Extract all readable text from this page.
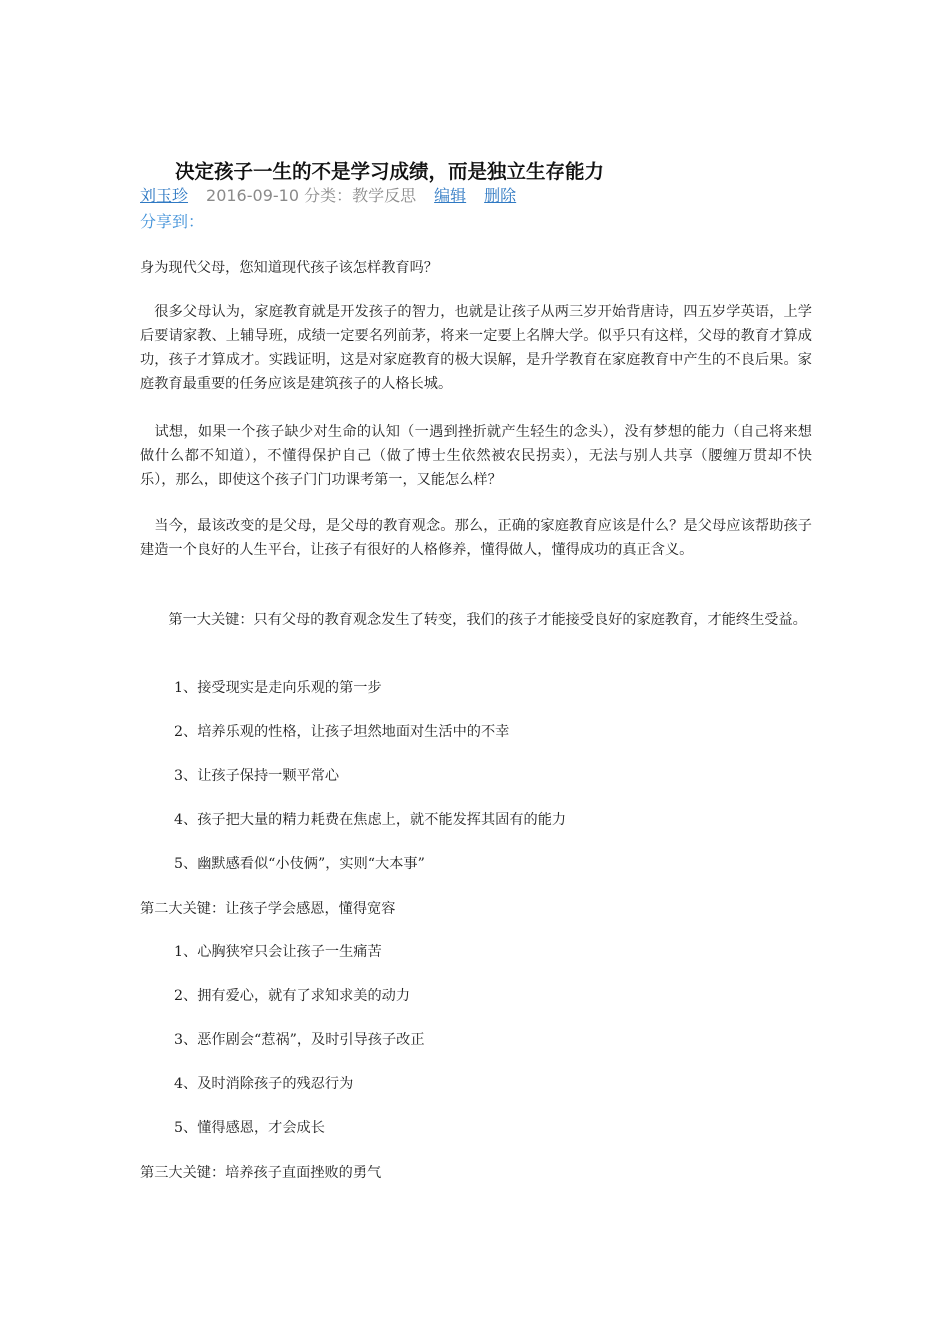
决定孩子一生的不是学习成绩，而是独立生存能力
刘玉珍 2016-09-10 分类：教学反思 编辑 删除
分享到：
身为现代父母，您知道现代孩子该怎样教育吗？
　很多父母认为，家庭教育就是开发孩子的智力，也就是让孩子从两三岁开始背唐诗，四五岁学英语，上学后要请家教、上辅导班，成绩一定要名列前茅，将来一定要上名牌大学。似乎只有这样，父母的教育才算成功，孩子才算成才。实践证明，这是对家庭教育的极大误解，是升学教育在家庭教育中产生的不良后果。家庭教育最重要的任务应该是建筑孩子的人格长城。
　试想，如果一个孩子缺少对生命的认知（一遇到挫折就产生轻生的念头），没有梦想的能力（自己将来想做什么都不知道），不懂得保护自己（做了博士生依然被农民拐卖），无法与别人共享（腰缠万贯却不快乐），那么，即使这个孩子门门功课考第一，又能怎么样？
　当今，最该改变的是父母，是父母的教育观念。那么，正确的家庭教育应该是什么？是父母应该帮助孩子建造一个良好的人生平台，让孩子有很好的人格修养，懂得做人，懂得成功的真正含义。
　　第一大关键：只有父母的教育观念发生了转变，我们的孩子才能接受良好的家庭教育，才能终生受益。
1、接受现实是走向乐观的第一步
2、培养乐观的性格，让孩子坦然地面对生活中的不幸
3、让孩子保持一颗平常心
4、孩子把大量的精力耗费在焦虑上，就不能发挥其固有的能力
5、幽默感看似“小伎俩”，实则“大本事”
第二大关键：让孩子学会感恩，懂得宽容
1、心胸狭窄只会让孩子一生痛苦
2、拥有爱心，就有了求知求美的动力
3、恶作剧会“惹祸”，及时引导孩子改正
4、及时消除孩子的残忍行为
5、懂得感恩，才会成长
第三大关键：培养孩子直面挫败的勇气
